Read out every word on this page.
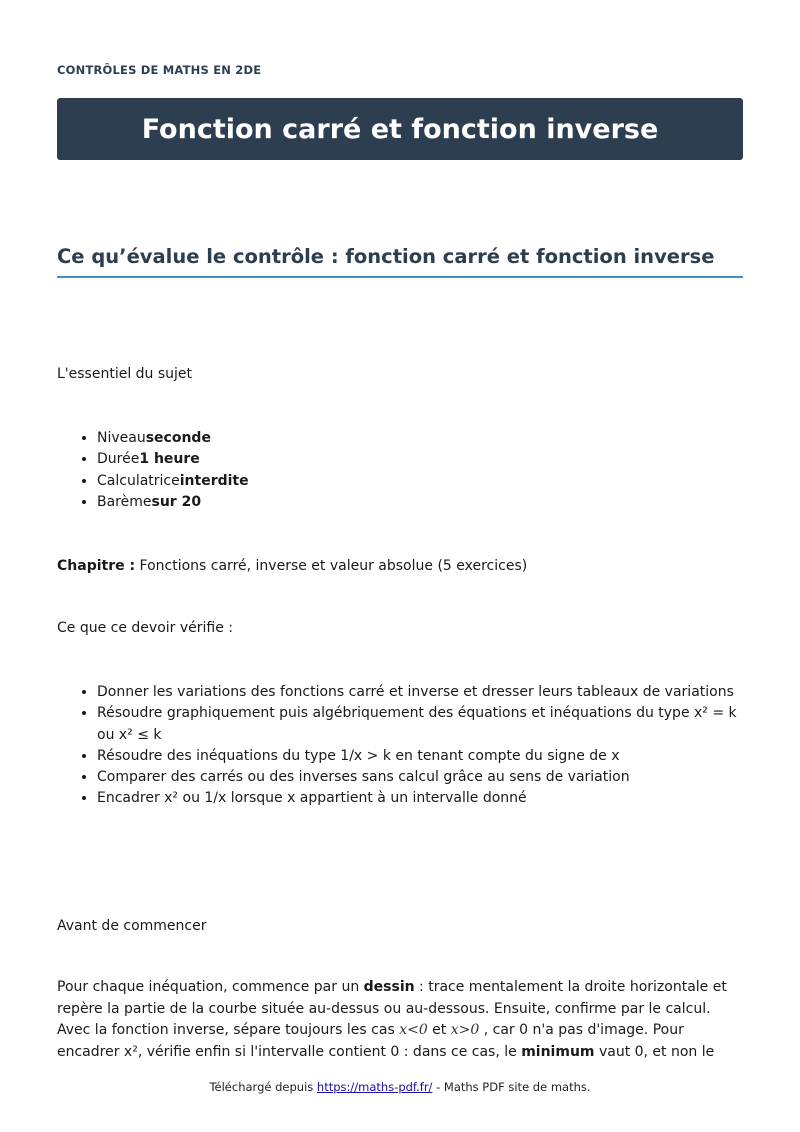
CONTRÔLES DE MATHS EN 2DE
Fonction carré et fonction inverse
Ce qu’évalue le contrôle : fonction carré et fonction inverse

L'essentiel du sujet

• Niveauseconde
• Durée1 heure
• Calculatriceinterdite
• Barèmesur 20

Chapitre : Fonctions carré, inverse et valeur absolue (5 exercices)

Ce que ce devoir vérifie :

• Donner les variations des fonctions carré et inverse et dresser leurs tableaux de variations
• Résoudre graphiquement puis algébriquement des équations et inéquations du type x² = k ou x² ≤ k
• Résoudre des inéquations du type 1/x > k en tenant compte du signe de x
• Comparer des carrés ou des inverses sans calcul grâce au sens de variation
• Encadrer x² ou 1/x lorsque x appartient à un intervalle donné

Avant de commencer

Pour chaque inéquation, commence par un dessin : trace mentalement la droite horizontale et repère la partie de la courbe située au-dessus ou au-dessous. Ensuite, confirme par le calcul. Avec la fonction inverse, sépare toujours les cas x<0 et x>0 , car 0 n'a pas d'image. Pour encadrer x², vérifie enfin si l'intervalle contient 0 : dans ce cas, le minimum vaut 0, et non le

Téléchargé depuis https://maths-pdf.fr/ - Maths PDF site de maths.
